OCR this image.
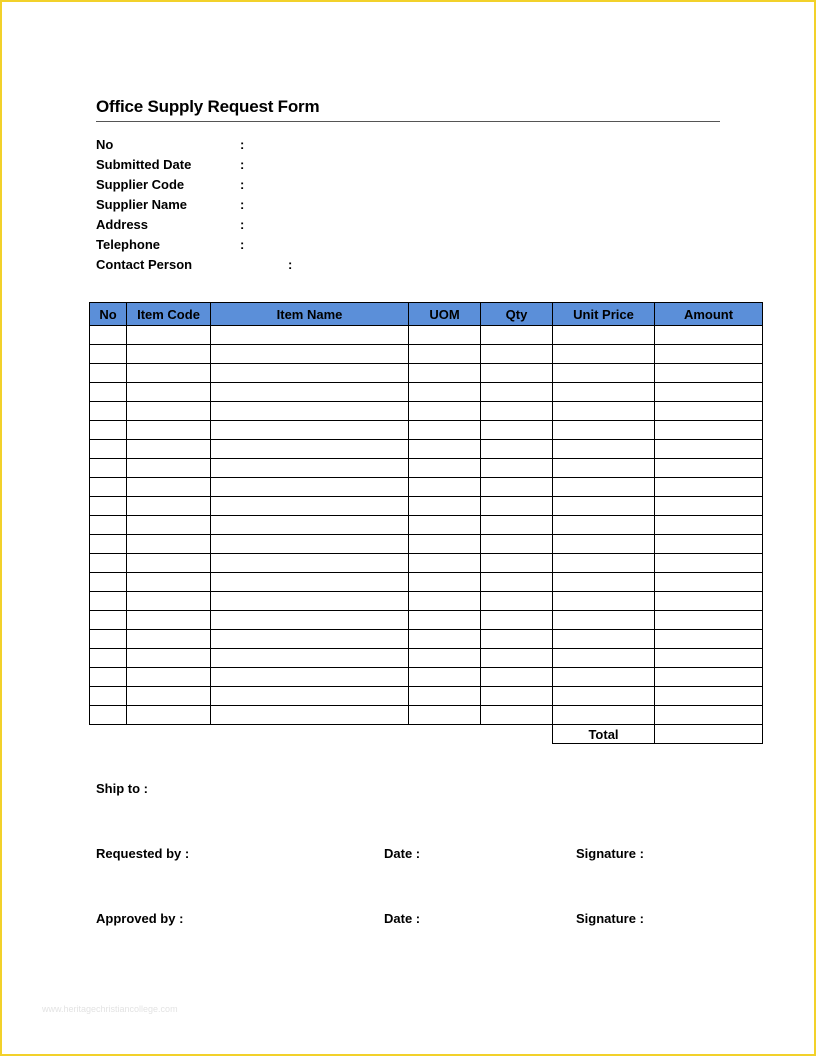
Office Supply Request Form
No	:
Submitted Date	:
Supplier Code	:
Supplier Name	:
Address	:
Telephone	:
Contact Person	:
No	Item Code	Item Name	UOM	Qty	Unit Price	Amount

					Total	
Ship to :
Requested by :	Date :	Signature :
Approved by :	Date :	Signature :
www.heritagechristiancollege.com
